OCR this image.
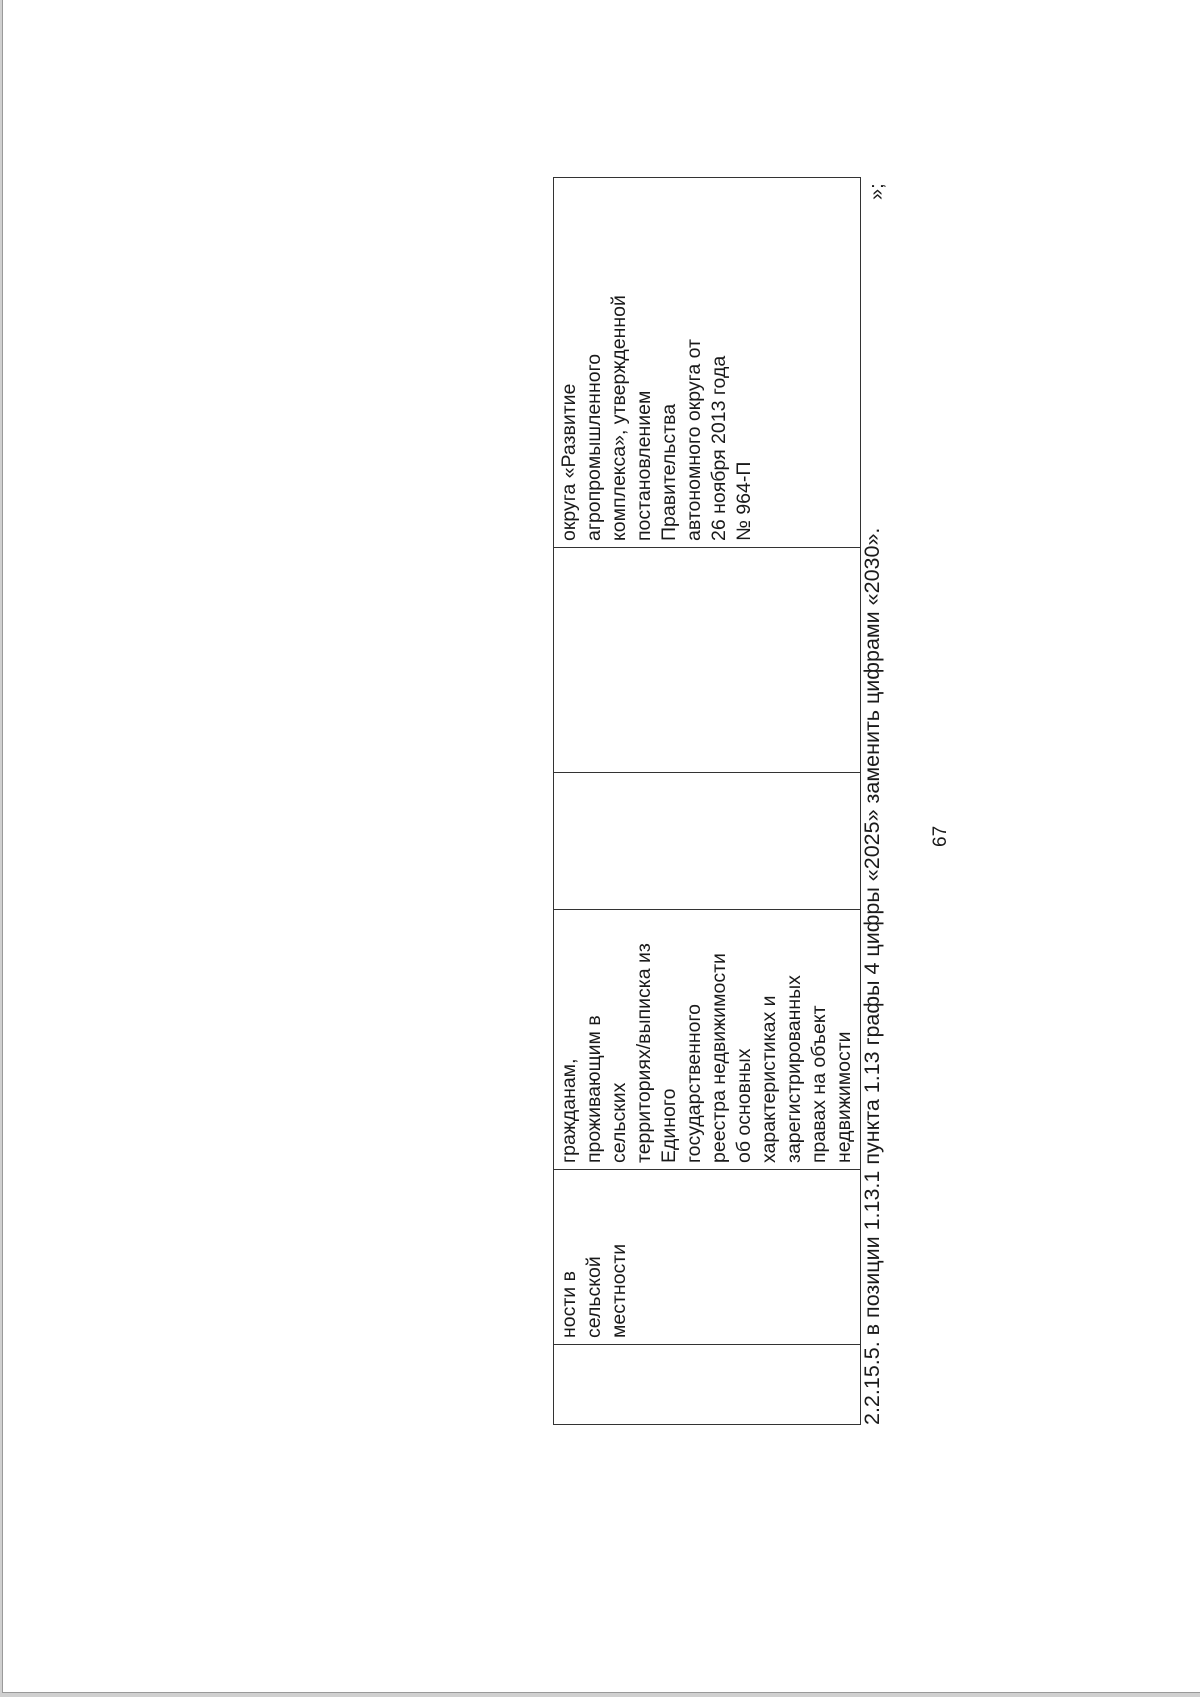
67
	ности в
сельской
местности	гражданам,
проживающим в
сельских
территориях/выписка из
Единого
государственного
реестра недвижимости
об основных
характеристиках и
зарегистрированных
правах на объект
недвижимости			округа «Развитие
агропромышленного
комплекса», утвержденной
постановлением
Правительства
автономного округа от
26 ноября 2013 года
№ 964-П
»;
2.2.15.5. в позиции 1.13.1 пункта 1.13 графы 4 цифры «2025» заменить цифрами «2030».
